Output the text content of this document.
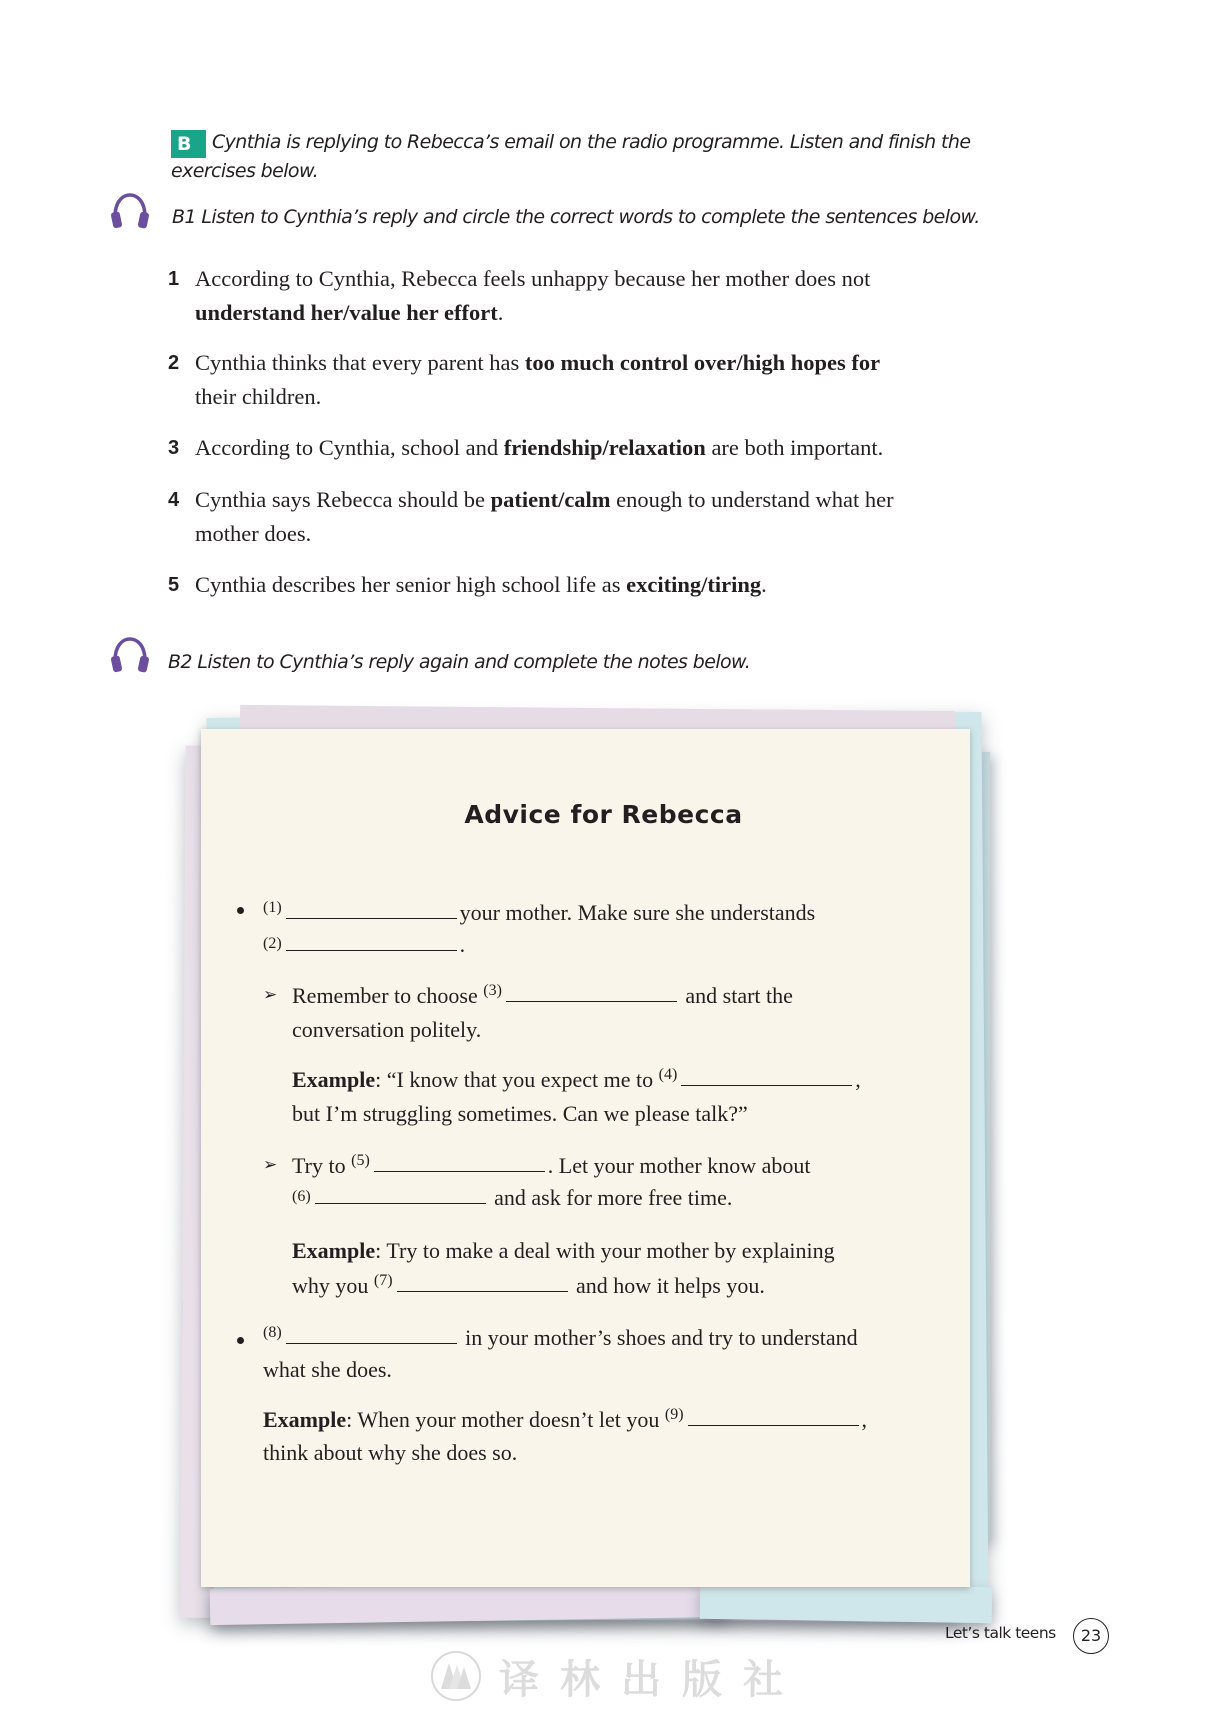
B	Cynthia is replying to Rebecca’s email on the radio programme. Listen and finish the
exercises below.
B1 Listen to Cynthia’s reply and circle the correct words to complete the sentences below.
1 According to Cynthia, Rebecca feels unhappy because her mother does not
understand her/value her effort.
2 Cynthia thinks that every parent has too much control over/high hopes for
their children.
3 According to Cynthia, school and friendship/relaxation are both important.
4 Cynthia says Rebecca should be patient/calm enough to understand what her
mother does.
5 Cynthia describes her senior high school life as exciting/tiring.
B2 Listen to Cynthia’s reply again and complete the notes below.
Advice for Rebecca
$^{(1)}$	your mother. Make sure she understands
(2)	.
➢ Remember to choose $^{(3)}$	and start the
conversation politely.
Example: “I know that you expect me to $^{(4)}$	,
but I’m struggling sometimes. Can we please talk?”
➢ Try to $^{(5)}$	. Let your mother know about
(6)	and ask for more free time.
Example: Try to make a deal with your mother by explaining
why you $^{(7)}$	and how it helps you.
$^{(8)}$	in your mother’s shoes and try to understand
what she does.
Example: When your mother doesn’t let you $^{(9)}$	,
think about why she does so.
Let’s talk teens	23
译林出版社
